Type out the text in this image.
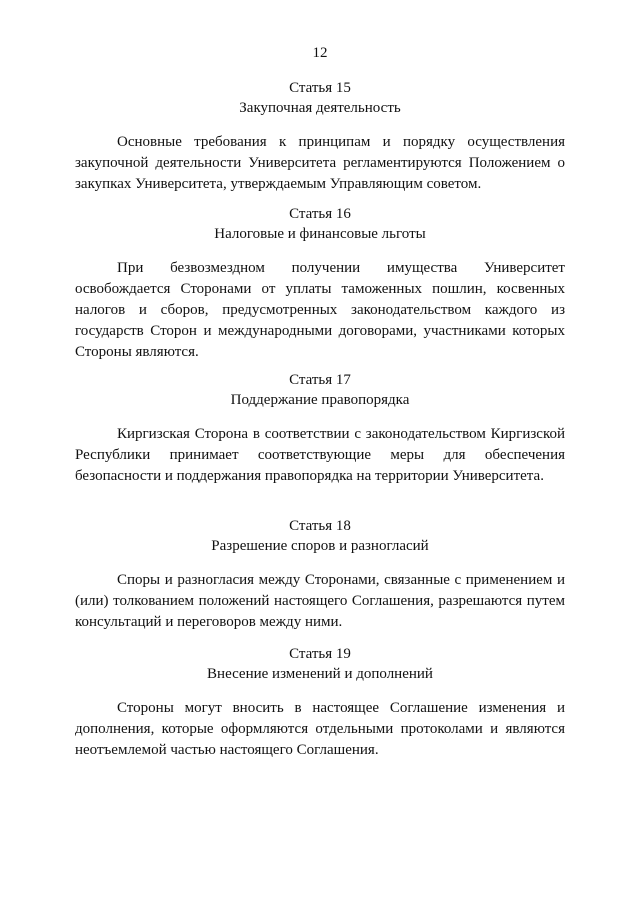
12

Статья 15

Закупочная деятельность

Основные требования к принципам и порядку осуществления закупочной деятельности Университета регламентируются Положением о закупках Университета, утверждаемым Управляющим советом.

Статья 16

Налоговые и финансовые льготы

При безвозмездном получении имущества Университет освобождается Сторонами от уплаты таможенных пошлин, косвенных налогов и сборов, предусмотренных законодательством каждого из государств Сторон и международными договорами, участниками которых Стороны являются.

Статья 17

Поддержание правопорядка

Киргизская Сторона в соответствии с законодательством Киргизской Республики принимает соответствующие меры для обеспечения безопасности и поддержания правопорядка на территории Университета.

Статья 18

Разрешение споров и разногласий

Споры и разногласия между Сторонами, связанные с применением и (или) толкованием положений настоящего Соглашения, разрешаются путем консультаций и переговоров между ними.

Статья 19

Внесение изменений и дополнений

Стороны могут вносить в настоящее Соглашение изменения и дополнения, которые оформляются отдельными протоколами и являются неотъемлемой частью настоящего Соглашения.
